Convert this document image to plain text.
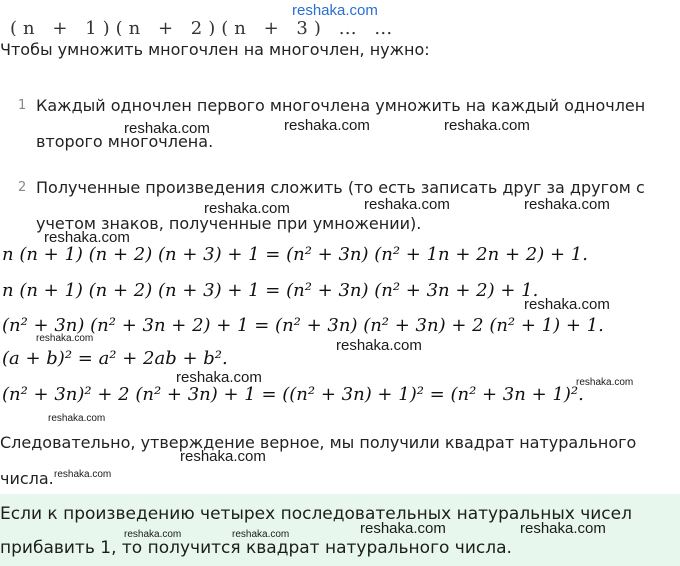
(n + 1)(n + 2)(n + 3) … …
reshaka.com
Чтобы умножить многочлен на многочлен, нужно:
1 Каждый одночлен первого многочлена умножить на каждый одночлен
второго многочлена.
2 Полученные произведения сложить (то есть записать друг за другом с
учетом знаков, полученные при умножении).
n (n + 1) (n + 2) (n + 3) + 1 = (n² + 3n) (n² + 1n + 2n + 2) + 1.
n (n + 1) (n + 2) (n + 3) + 1 = (n² + 3n) (n² + 3n + 2) + 1.
(n² + 3n) (n² + 3n + 2) + 1 = (n² + 3n) (n² + 3n) + 2 (n² + 1) + 1.
(a + b)² = a² + 2ab + b².
(n² + 3n)² + 2 (n² + 3n) + 1 = ((n² + 3n) + 1)² = (n² + 3n + 1)².
Следовательно, утверждение верное, мы получили квадрат натурального
числа.
Если к произведению четырех последовательных натуральных чисел
прибавить 1, то получится квадрат натурального числа.
reshaka.com	reshaka.com	reshaka.com
reshaka.com	reshaka.com	reshaka.com
reshaka.com
reshaka.com
reshaka.com	reshaka.com
reshaka.com	reshaka.com
reshaka.com
reshaka.com
reshaka.com
reshaka.com	reshaka.com
reshaka.com	reshaka.com
